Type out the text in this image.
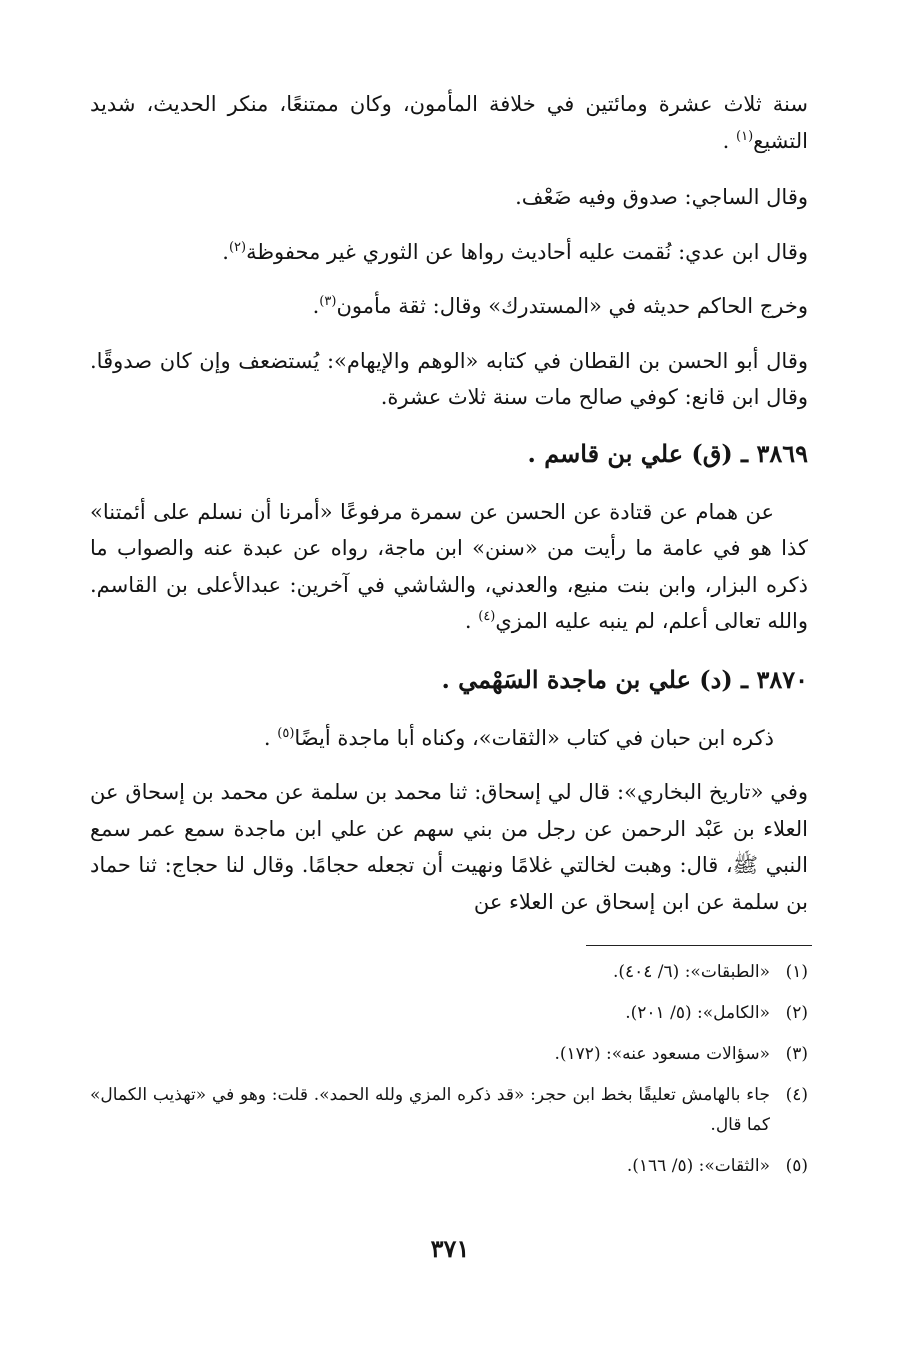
سنة ثلاث عشرة ومائتين في خلافة المأمون، وكان ممتنعًا، منكر الحديث، شديد التشيع$^{(١)}$ .

وقال الساجي: صدوق وفيه ضَعْف.

وقال ابن عدي: نُقمت عليه أحاديث رواها عن الثوري غير محفوظة$^{(٢)}$.

وخرج الحاكم حديثه في «المستدرك» وقال: ثقة مأمون$^{(٣)}$.

وقال أبو الحسن بن القطان في كتابه «الوهم والإيهام»: يُستضعف وإن كان صدوقًا. وقال ابن قانع: كوفي صالح مات سنة ثلاث عشرة.

٣٨٦٩ ـ (ق) علي بن قاسم .

عن همام عن قتادة عن الحسن عن سمرة مرفوعًا «أمرنا أن نسلم على أئمتنا» كذا هو في عامة ما رأيت من «سنن» ابن ماجة، رواه عن عبدة عنه والصواب ما ذكره البزار، وابن بنت منيع، والعدني، والشاشي في آخرين: عبدالأعلى بن القاسم. والله تعالى أعلم، لم ينبه عليه المزي$^{(٤)}$ .

٣٨٧٠ ـ (د) علي بن ماجدة السَهْمي .

ذكره ابن حبان في كتاب «الثقات»، وكناه أبا ماجدة أيضًا$^{(٥)}$ .

وفي «تاريخ البخاري»: قال لي إسحاق: ثنا محمد بن سلمة عن محمد بن إسحاق عن العلاء بن عَبْد الرحمن عن رجل من بني سهم عن علي ابن ماجدة سمع عمر سمع النبي ﷺ، قال: وهبت لخالتي غلامًا ونهيت أن تجعله حجامًا. وقال لنا حجاج: ثنا حماد بن سلمة عن ابن إسحاق عن العلاء عن

(١)
«الطبقات»: (٦/ ٤٠٤).
(٢)
«الكامل»: (٥/ ٢٠١).
(٣)
«سؤالات مسعود عنه»: (١٧٢).
(٤)
جاء بالهامش تعليقًا بخط ابن حجر: «قد ذكره المزي ولله الحمد». قلت: وهو في «تهذيب الكمال» كما قال.
(٥)
«الثقات»: (٥/ ١٦٦).
٣٧١
